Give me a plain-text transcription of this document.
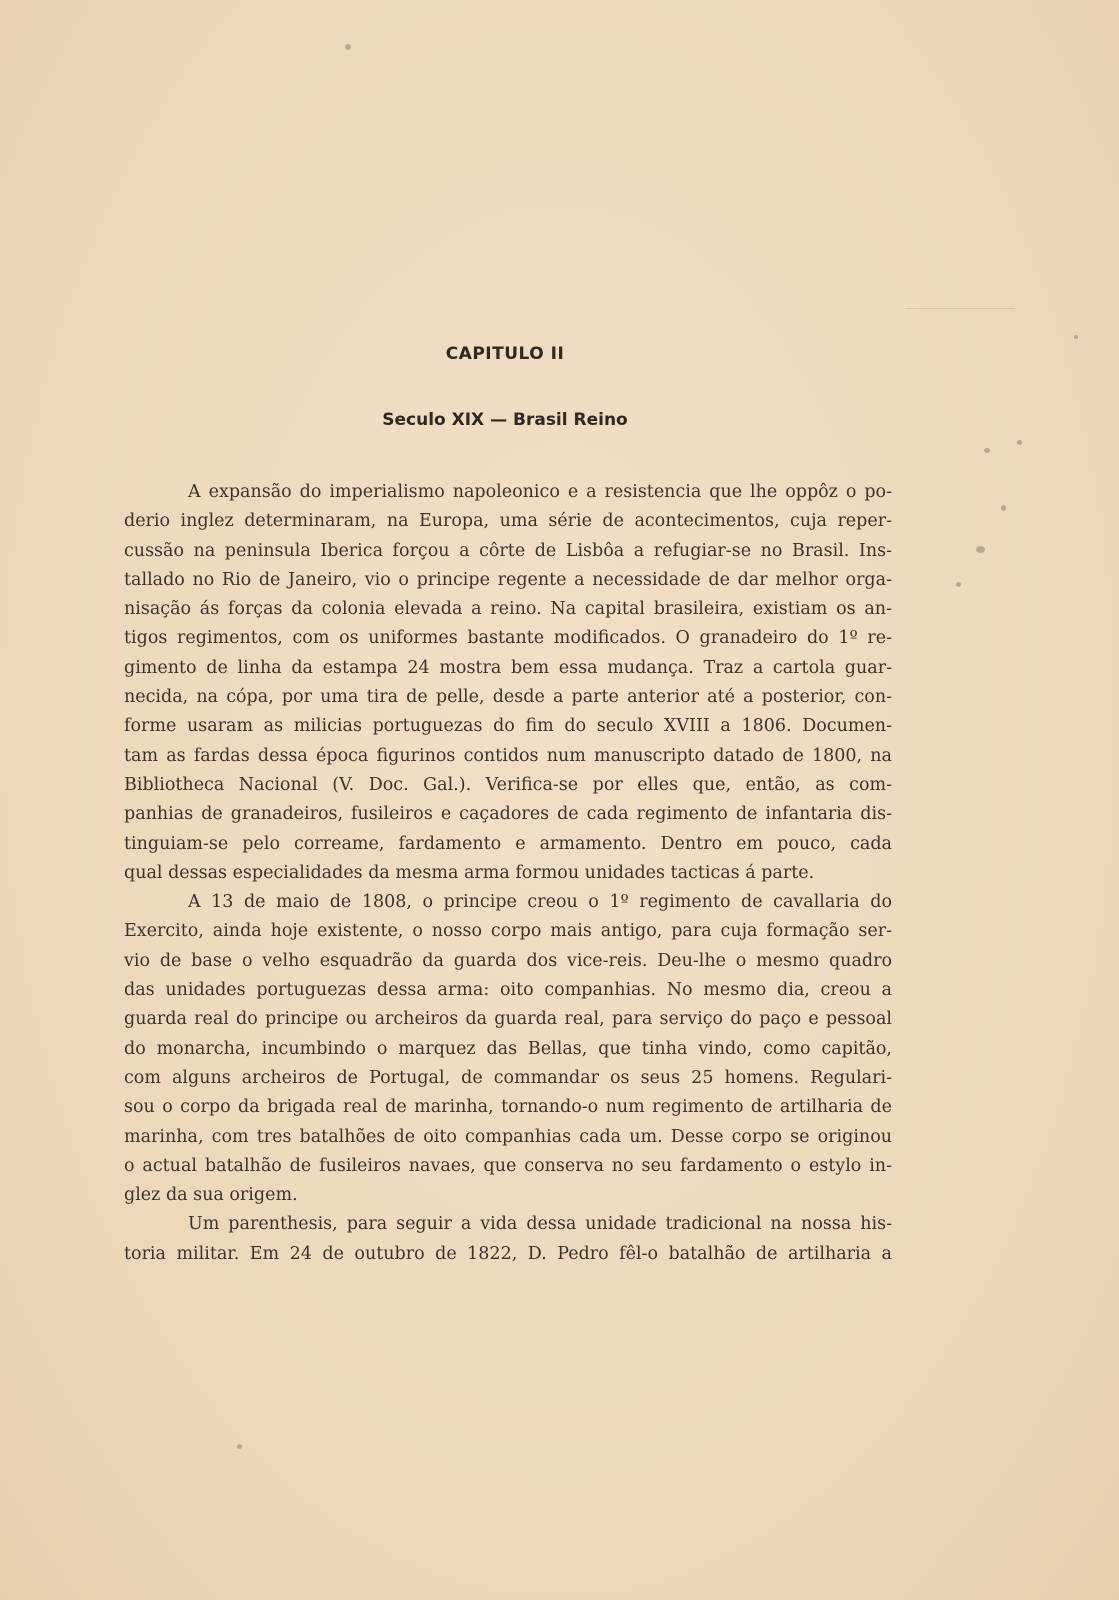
CAPITULO II
Seculo XIX — Brasil Reino
A expansão do imperialismo napoleonico e a resistencia que lhe oppôz o po-
derio inglez determinaram, na Europa, uma série de acontecimentos, cuja reper-
cussão na peninsula Iberica forçou a côrte de Lisbôa a refugiar-se no Brasil. Ins-
tallado no Rio de Janeiro, vio o principe regente a necessidade de dar melhor orga-
nisação ás forças da colonia elevada a reino. Na capital brasileira, existiam os an-
tigos regimentos, com os uniformes bastante modificados. O granadeiro do 1º re-
gimento de linha da estampa 24 mostra bem essa mudança. Traz a cartola guar-
necida, na cópa, por uma tira de pelle, desde a parte anterior até a posterior, con-
forme usaram as milicias portuguezas do fim do seculo XVIII a 1806. Documen-
tam as fardas dessa época figurinos contidos num manuscripto datado de 1800, na
Bibliotheca Nacional (V. Doc. Gal.). Verifica-se por elles que, então, as com-
panhias de granadeiros, fusileiros e caçadores de cada regimento de infantaria dis-
tinguiam-se pelo correame, fardamento e armamento. Dentro em pouco, cada
qual dessas especialidades da mesma arma formou unidades tacticas á parte.
A 13 de maio de 1808, o principe creou o 1º regimento de cavallaria do
Exercito, ainda hoje existente, o nosso corpo mais antigo, para cuja formação ser-
vio de base o velho esquadrão da guarda dos vice-reis. Deu-lhe o mesmo quadro
das unidades portuguezas dessa arma: oito companhias. No mesmo dia, creou a
guarda real do principe ou archeiros da guarda real, para serviço do paço e pessoal
do monarcha, incumbindo o marquez das Bellas, que tinha vindo, como capitão,
com alguns archeiros de Portugal, de commandar os seus 25 homens. Regulari-
sou o corpo da brigada real de marinha, tornando-o num regimento de artilharia de
marinha, com tres batalhões de oito companhias cada um. Desse corpo se originou
o actual batalhão de fusileiros navaes, que conserva no seu fardamento o estylo in-
glez da sua origem.
Um parenthesis, para seguir a vida dessa unidade tradicional na nossa his-
toria militar. Em 24 de outubro de 1822, D. Pedro fêl-o batalhão de artilharia a
